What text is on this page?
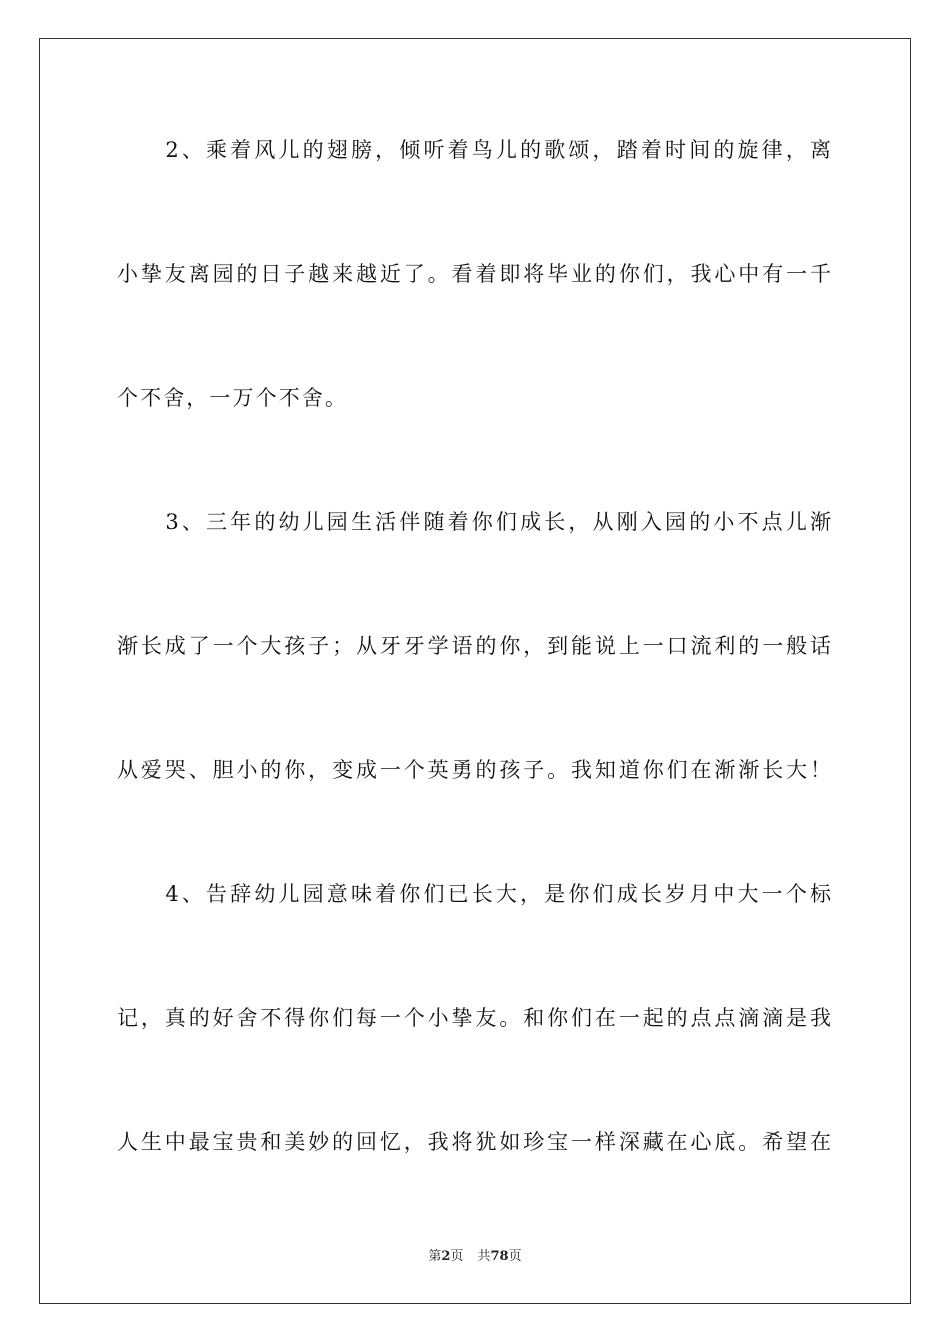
　　2、乘着风儿的翅膀，倾听着鸟儿的歌颂，踏着时间的旋律，离
小挚友离园的日子越来越近了。看着即将毕业的你们，我心中有一千
个不舍，一万个不舍。
　　3、三年的幼儿园生活伴随着你们成长，从刚入园的小不点儿渐
渐长成了一个大孩子；从牙牙学语的你，到能说上一口流利的一般话
从爱哭、胆小的你，变成一个英勇的孩子。我知道你们在渐渐长大！
　　4、告辞幼儿园意味着你们已长大，是你们成长岁月中大一个标
记，真的好舍不得你们每一个小挚友。和你们在一起的点点滴滴是我
人生中最宝贵和美妙的回忆，我将犹如珍宝一样深藏在心底。希望在
第2页 共78页
